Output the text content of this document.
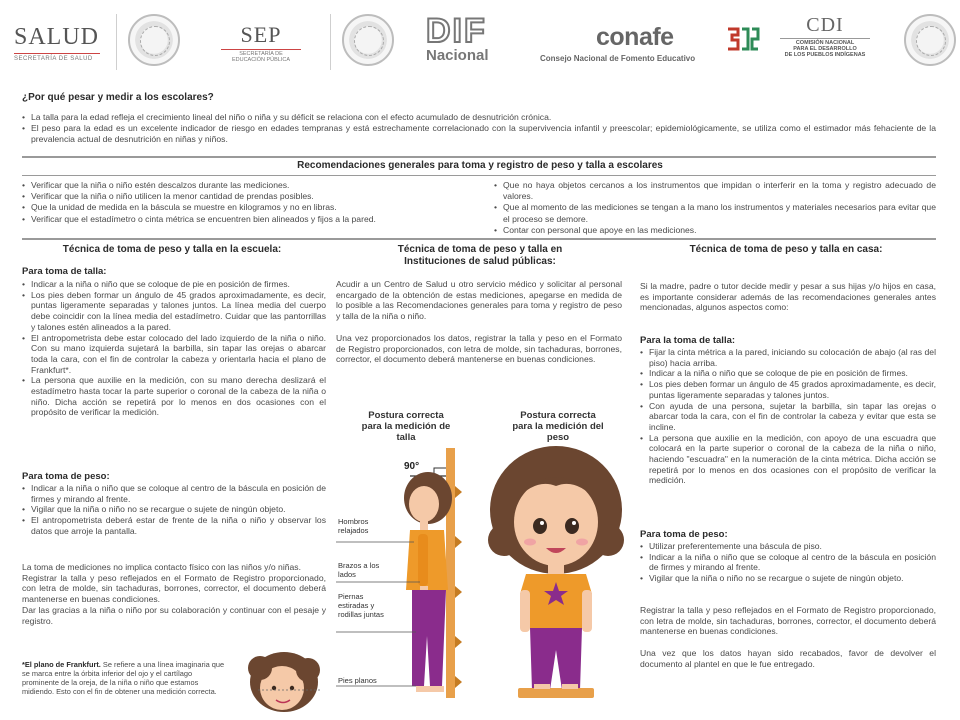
SALUD
SECRETARÍA DE SALUD
SEP
SECRETARÍA DE
EDUCACIÓN PÚBLICA
DIF
Nacional
conafe
Consejo Nacional de Fomento Educativo
CDI
COMISIÓN NACIONAL
PARA EL DESARROLLO
DE LOS PUEBLOS INDÍGENAS
¿Por qué pesar y medir a los escolares?
• La talla para la edad refleja el crecimiento lineal del niño o niña y su déficit se relaciona con el efecto acumulado de desnutrición crónica.
• El peso para la edad es un excelente indicador de riesgo en edades tempranas y está estrechamente correlacionado con la supervivencia infantil y preescolar; epidemiológicamente, se utiliza como el estimador más fehaciente de la prevalencia actual de desnutrición en niñas y niños.
Recomendaciones generales para toma y registro de peso y talla a escolares
• Verificar que la niña o niño estén descalzos durante las mediciones.
• Verificar que la niña o niño utilicen la menor cantidad de prendas posibles.
• Que la unidad de medida en la báscula se muestre en kilogramos y no en libras.
• Verificar que el estadímetro o cinta métrica se encuentren bien alineados y fijos a la pared.
• Que no haya objetos cercanos a los instrumentos que impidan o interferir en la toma y registro adecuado de valores.
• Que al momento de las mediciones se tengan a la mano los instrumentos y materiales necesarios para evitar que el proceso se demore.
• Contar con personal que apoye en las mediciones.
Técnica de toma de peso y talla en la escuela:
Para toma de talla:
• Indicar a la niña o niño que se coloque de pie en posición de firmes.
• Los pies deben formar un ángulo de 45 grados aproximadamente, es decir, puntas ligeramente separadas y talones juntos. La línea media del cuerpo debe coincidir con la línea media del estadímetro. Cuidar que las pantorrillas y talones estén alineados a la pared.
• El antropometrista debe estar colocado del lado izquierdo de la niña o niño. Con su mano izquierda sujetará la barbilla, sin tapar las orejas o abarcar toda la cara, con el fin de controlar la cabeza y orientarla hacia el plano de Frankfurt*.
• La persona que auxilie en la medición, con su mano derecha deslizará el estadímetro hasta tocar la parte superior o coronal de la cabeza de la niña o niño. Dicha acción se repetirá por lo menos en dos ocasiones con el propósito de verificar la medición.
Para toma de peso:
• Indicar a la niña o niño que se coloque al centro de la báscula en posición de firmes y mirando al frente.
• Vigilar que la niña o niño no se recargue o sujete de ningún objeto.
• El antropometrista deberá estar de frente de la niña o niño y observar los datos que arroje la pantalla.

La toma de mediciones no implica contacto físico con las niños y/o niñas.

Registrar la talla y peso reflejados en el Formato de Registro proporcionado, con letra de molde, sin tachaduras, borrones, corrector, el documento deberá mantenerse en buenas condiciones.

Dar las gracias a la niña o niño por su colaboración y continuar con el pesaje y registro.

*El plano de Frankfurt. Se refiere a una línea imaginaria que se marca entre la órbita inferior del ojo y el cartílago prominente de la oreja, de la niña o niño que estamos midiendo. Esto con el fin de obtener una medición correcta.
Técnica de toma de peso y talla en
Instituciones de salud públicas:

Acudir a un Centro de Salud u otro servicio médico y solicitar al personal encargado de la obtención de estas mediciones, apegarse en medida de lo posible a las Recomendaciones generales para toma y registro de peso y talla de la niña o niño.

Una vez proporcionados los datos, registrar la talla y peso en el Formato de Registro proporcionados, con letra de molde, sin tachaduras, borrones, corrector, el documento deberá mantenerse en buenas condiciones.

Postura correcta para la medición de talla
Postura correcta para la medición del peso
90°
Hombros relajados
Brazos a los lados
Piernas estiradas y rodillas juntas
Pies planos
Técnica de toma de peso y talla en casa:
Si la madre, padre o tutor decide medir y pesar a sus hijas y/o hijos en casa, es importante considerar además de las recomendaciones generales antes mencionadas, algunos aspectos como:
Para la toma de talla:
• Fijar la cinta métrica a la pared, iniciando su colocación de abajo (al ras del piso) hacia arriba.
• Indicar a la niña o niño que se coloque de pie en posición de firmes.
• Los pies deben formar un ángulo de 45 grados aproximadamente, es decir, puntas ligeramente separadas y talones juntos.
• Con ayuda de una persona, sujetar la barbilla, sin tapar las orejas o abarcar toda la cara, con el fin de controlar la cabeza y evitar que esta se incline.
• La persona que auxilie en la medición, con apoyo de una escuadra que colocará en la parte superior o coronal de la cabeza de la niña o niño, haciendo "escuadra" en la numeración de la cinta métrica. Dicha acción se repetirá por lo menos en dos ocasiones con el propósito de verificar la medición.
Para toma de peso:
• Utilizar preferentemente una báscula de piso.
• Indicar a la niña o niño que se coloque al centro de la báscula en posición de firmes y mirando al frente.
• Vigilar que la niña o niño no se recargue o sujete de ningún objeto.

Registrar la talla y peso reflejados en el Formato de Registro proporcionado, con letra de molde, sin tachaduras, borrones, corrector, el documento deberá mantenerse en buenas condiciones.

Una vez que los datos hayan sido recabados, favor de devolver el documento al plantel en que le fue entregado.
